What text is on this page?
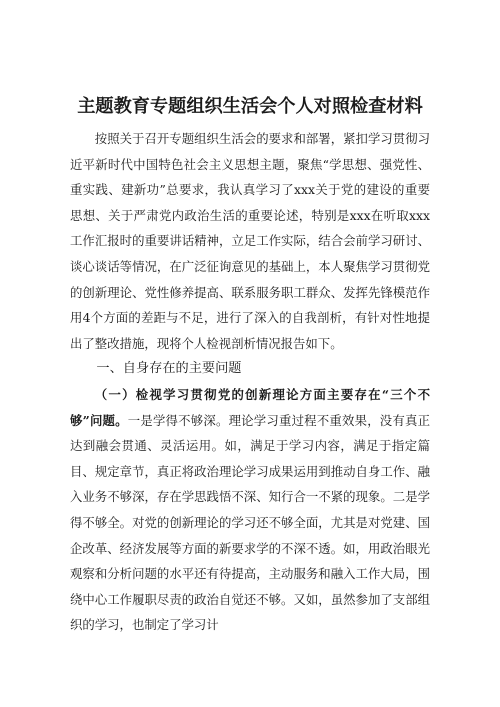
主题教育专题组织生活会个人对照检查材料

按照关于召开专题组织生活会的要求和部署，紧扣学习贯彻习近平新时代中国特色社会主义思想主题，聚焦“学思想、强党性、重实践、建新功”总要求，我认真学习了xxx关于党的建设的重要思想、关于严肃党内政治生活的重要论述，特别是xxx在听取xxx工作汇报时的重要讲话精神，立足工作实际，结合会前学习研讨、谈心谈话等情况，在广泛征询意见的基础上，本人聚焦学习贯彻党的创新理论、党性修养提高、联系服务职工群众、发挥先锋模范作用4个方面的差距与不足，进行了深入的自我剖析，有针对性地提出了整改措施，现将个人检视剖析情况报告如下。

一、自身存在的主要问题

（一）检视学习贯彻党的创新理论方面主要存在“三个不够”问题。一是学得不够深。理论学习重过程不重效果，没有真正达到融会贯通、灵活运用。如，满足于学习内容，满足于指定篇目、规定章节，真正将政治理论学习成果运用到推动自身工作、融入业务不够深，存在学思践悟不深、知行合一不紧的现象。二是学得不够全。对党的创新理论的学习还不够全面，尤其是对党建、国企改革、经济发展等方面的新要求学的不深不透。如，用政治眼光观察和分析问题的水平还有待提高，主动服务和融入工作大局，围绕中心工作履职尽责的政治自觉还不够。又如，虽然参加了支部组织的学习，也制定了学习计
